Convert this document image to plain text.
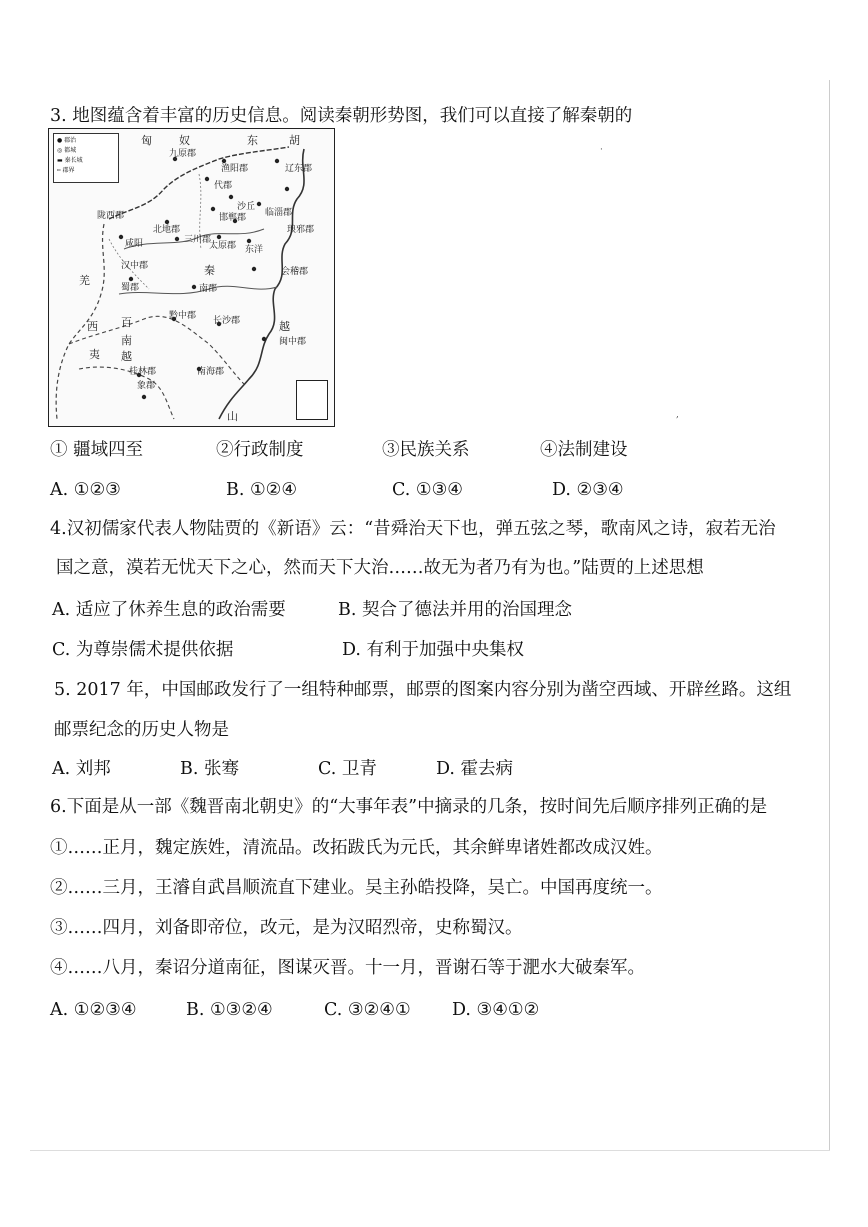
3. 地图蕴含着丰富的历史信息。阅读秦朝形势图，我们可以直接了解秦朝的
● 郡治
◎ 都城
▬ 秦长城
┅ 郡界
匈 奴	东	胡
九原郡
渔阳郡	辽东郡
代郡
沙丘
邯郸郡 临淄郡
陇西郡
北地郡
咸阳	三川郡
太原郡 东洋
琅邪郡
汉中郡	秦
羌
蜀郡	南郡
会稽郡
西 百	长沙郡
黔中郡
越
南	闽中郡
夷 越
桂林郡	南海郡
象郡
山	,
·
① 疆域四至	②行政制度	③民族关系	④法制建设
A. ①②③	B. ①②④	C. ①③④	D. ②③④
4.汉初儒家代表人物陆贾的《新语》云：“昔舜治天下也，弹五弦之琴，歌南风之诗，寂若无治
国之意，漠若无忧天下之心，然而天下大治……故无为者乃有为也。”陆贾的上述思想
A. 适应了休养生息的政治需要	B. 契合了德法并用的治国理念
C. 为尊崇儒术提供依据	D. 有利于加强中央集权
5. 2017 年，中国邮政发行了一组特种邮票，邮票的图案内容分别为凿空西域、开辟丝路。这组
邮票纪念的历史人物是
A. 刘邦	B. 张骞	C. 卫青	D. 霍去病
6.下面是从一部《魏晋南北朝史》的“大事年表”中摘录的几条，按时间先后顺序排列正确的是
①……正月，魏定族姓，清流品。改拓跋氏为元氏，其余鲜卑诸姓都改成汉姓。
②……三月，王濬自武昌顺流直下建业。吴主孙皓投降，吴亡。中国再度统一。
③……四月，刘备即帝位，改元，是为汉昭烈帝，史称蜀汉。
④……八月，秦诏分道南征，图谋灭晋。十一月，晋谢石等于淝水大破秦军。
A. ①②③④	B. ①③②④	C. ③②④① D. ③④①②
